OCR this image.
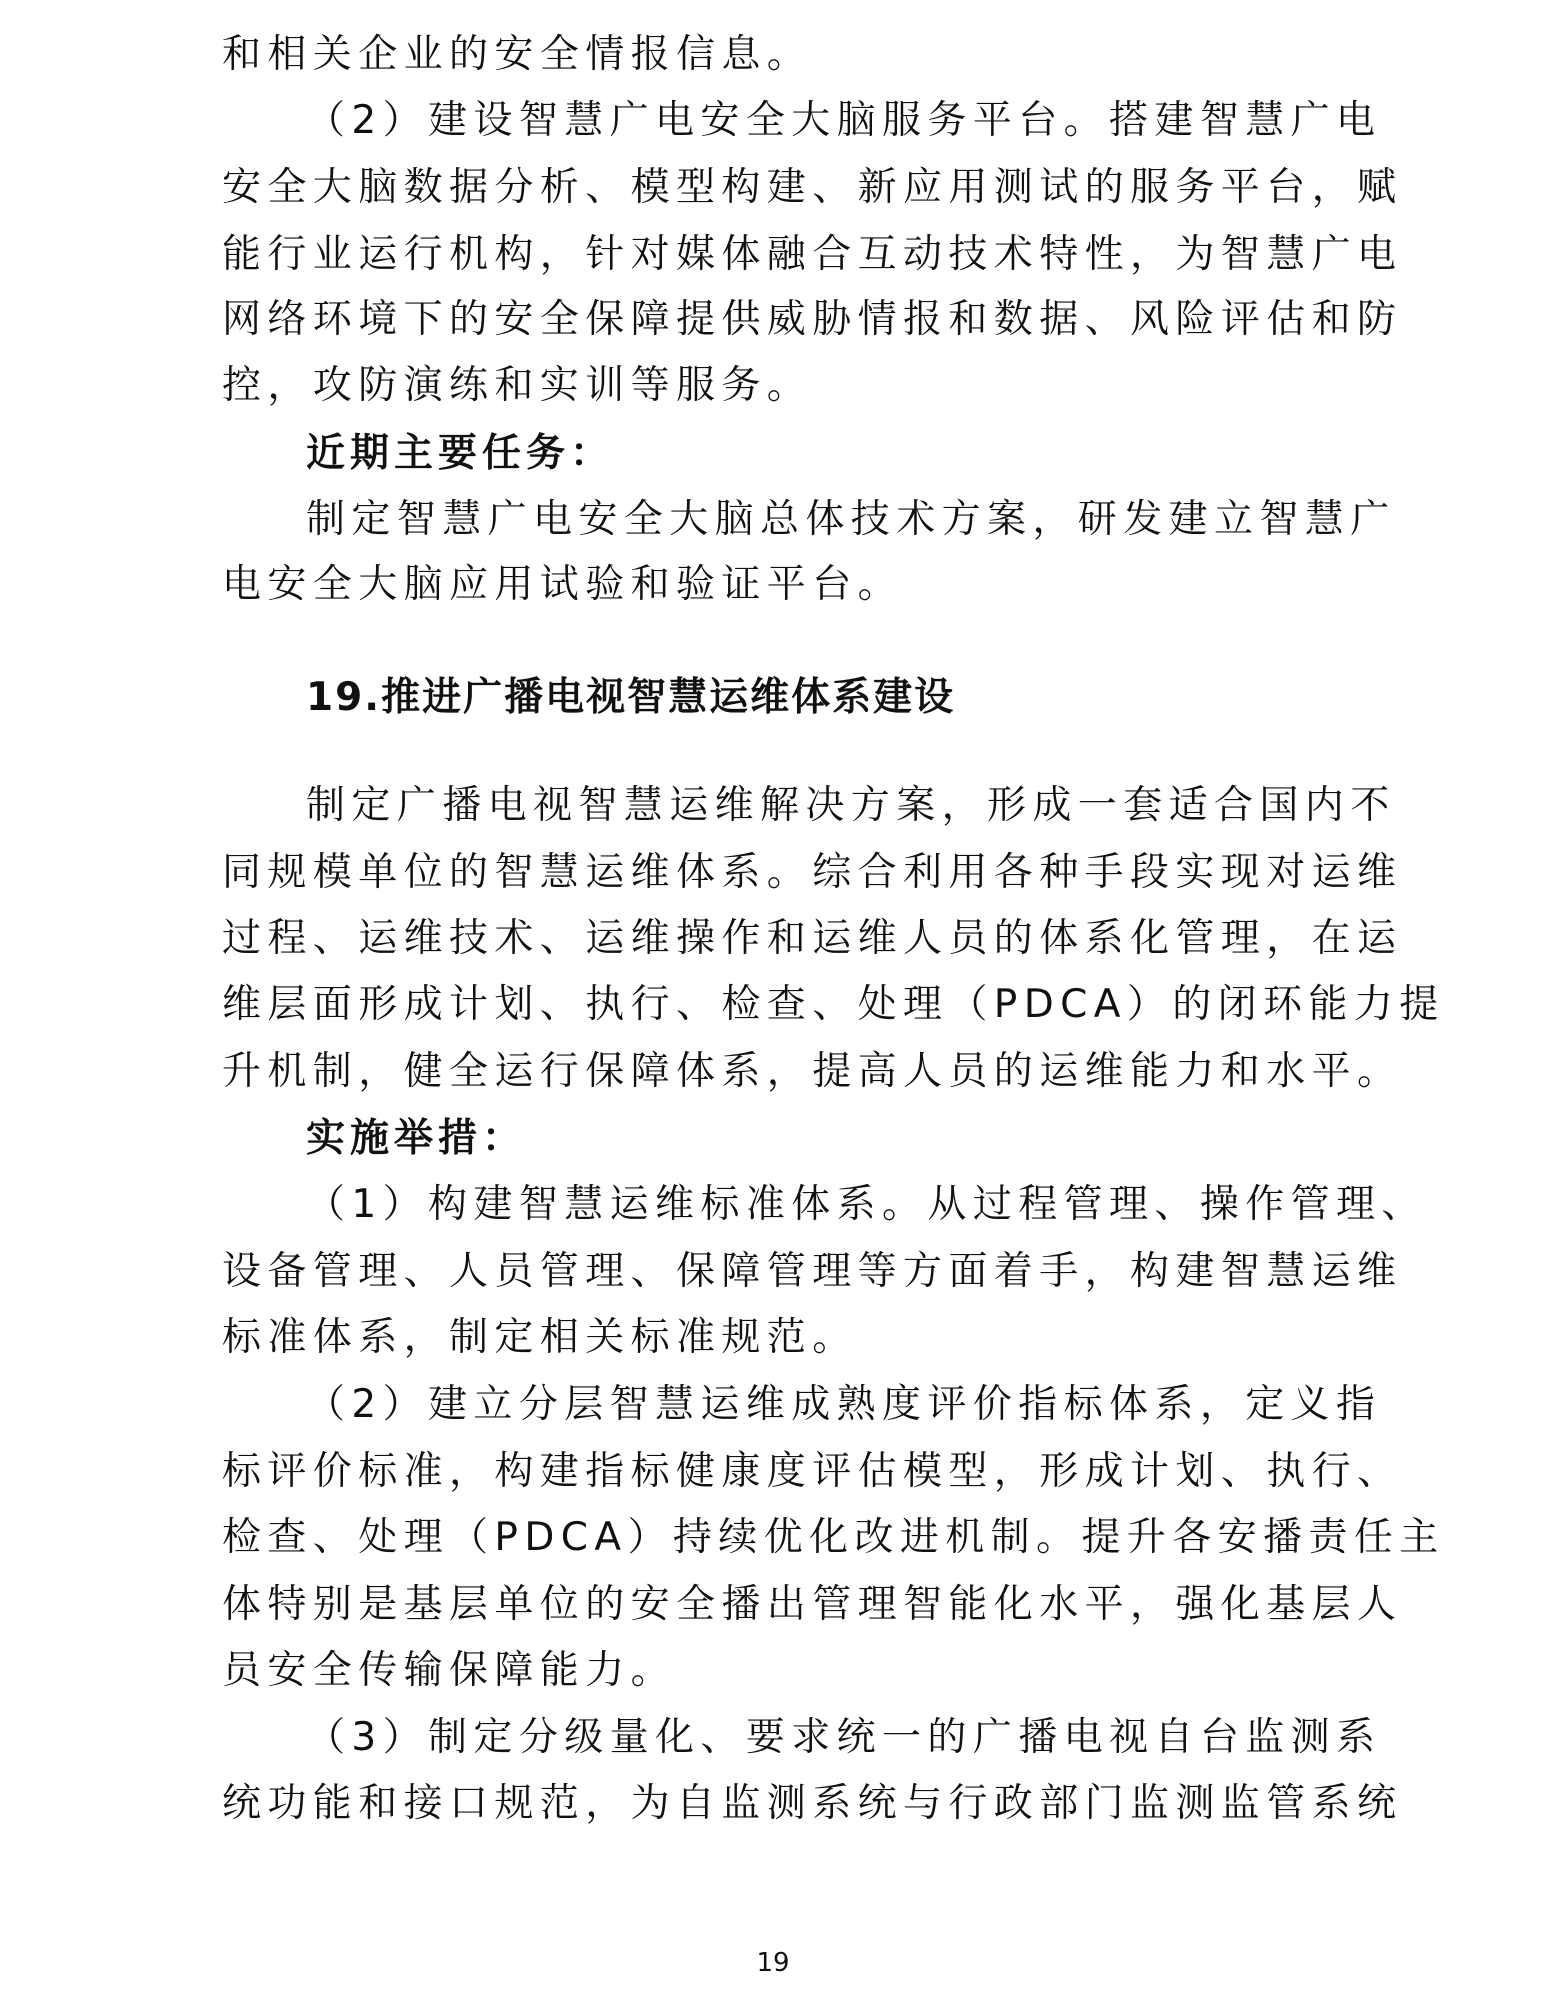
和相关企业的安全情报信息。
（2）建设智慧广电安全大脑服务平台。搭建智慧广电
安全大脑数据分析、模型构建、新应用测试的服务平台，赋
能行业运行机构，针对媒体融合互动技术特性，为智慧广电
网络环境下的安全保障提供威胁情报和数据、风险评估和防
控，攻防演练和实训等服务。
近期主要任务：
制定智慧广电安全大脑总体技术方案，研发建立智慧广
电安全大脑应用试验和验证平台。
19.推进广播电视智慧运维体系建设
制定广播电视智慧运维解决方案，形成一套适合国内不
同规模单位的智慧运维体系。综合利用各种手段实现对运维
过程、运维技术、运维操作和运维人员的体系化管理，在运
维层面形成计划、执行、检查、处理（PDCA）的闭环能力提
升机制，健全运行保障体系，提高人员的运维能力和水平。
实施举措：
（1）构建智慧运维标准体系。从过程管理、操作管理、
设备管理、人员管理、保障管理等方面着手，构建智慧运维
标准体系，制定相关标准规范。
（2）建立分层智慧运维成熟度评价指标体系，定义指
标评价标准，构建指标健康度评估模型，形成计划、执行、
检查、处理（PDCA）持续优化改进机制。提升各安播责任主
体特别是基层单位的安全播出管理智能化水平，强化基层人
员安全传输保障能力。
（3）制定分级量化、要求统一的广播电视自台监测系
统功能和接口规范，为自监测系统与行政部门监测监管系统
19
